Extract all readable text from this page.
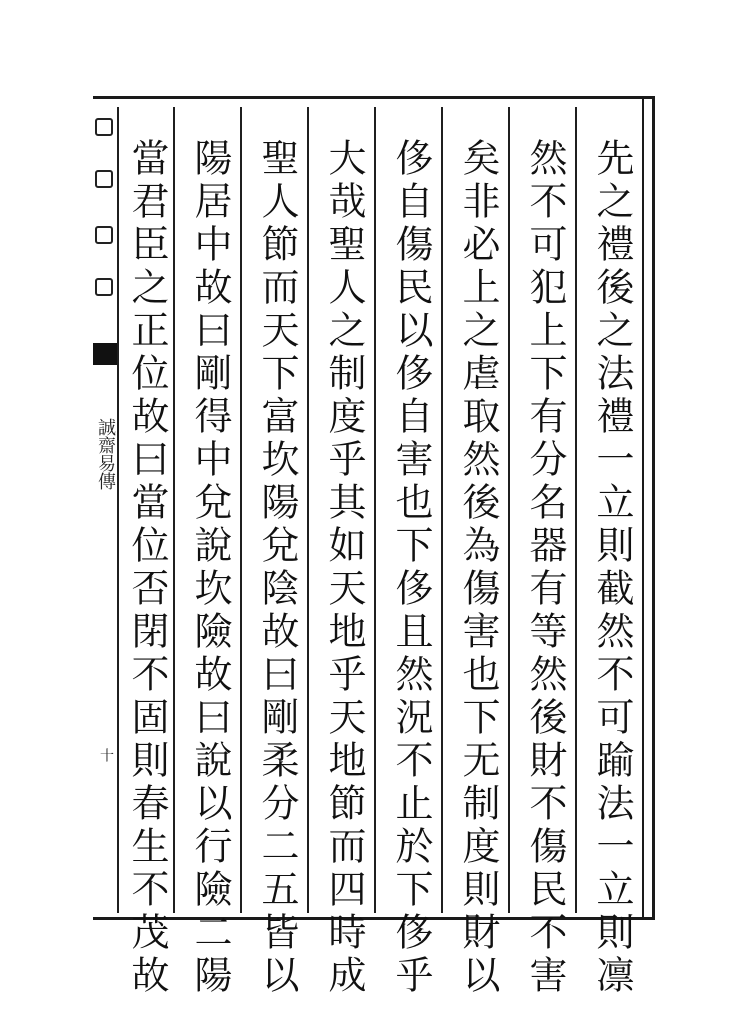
誠齋易傳
十	先之禮後之法禮一立則截然不可踰法一立則凛
然不可犯上下有分名器有等然後財不傷民不害
矣非必上之虐取然後為傷害也下无制度則財以
侈自傷民以侈自害也下侈且然況不止於下侈乎
大哉聖人之制度乎其如天地乎天地節而四時成
聖人節而天下富坎陽兌陰故曰剛柔分二五皆以
陽居中故曰剛得中兌說坎險故曰說以行險二陽
當君臣之正位故曰當位否閉不固則春生不茂故
